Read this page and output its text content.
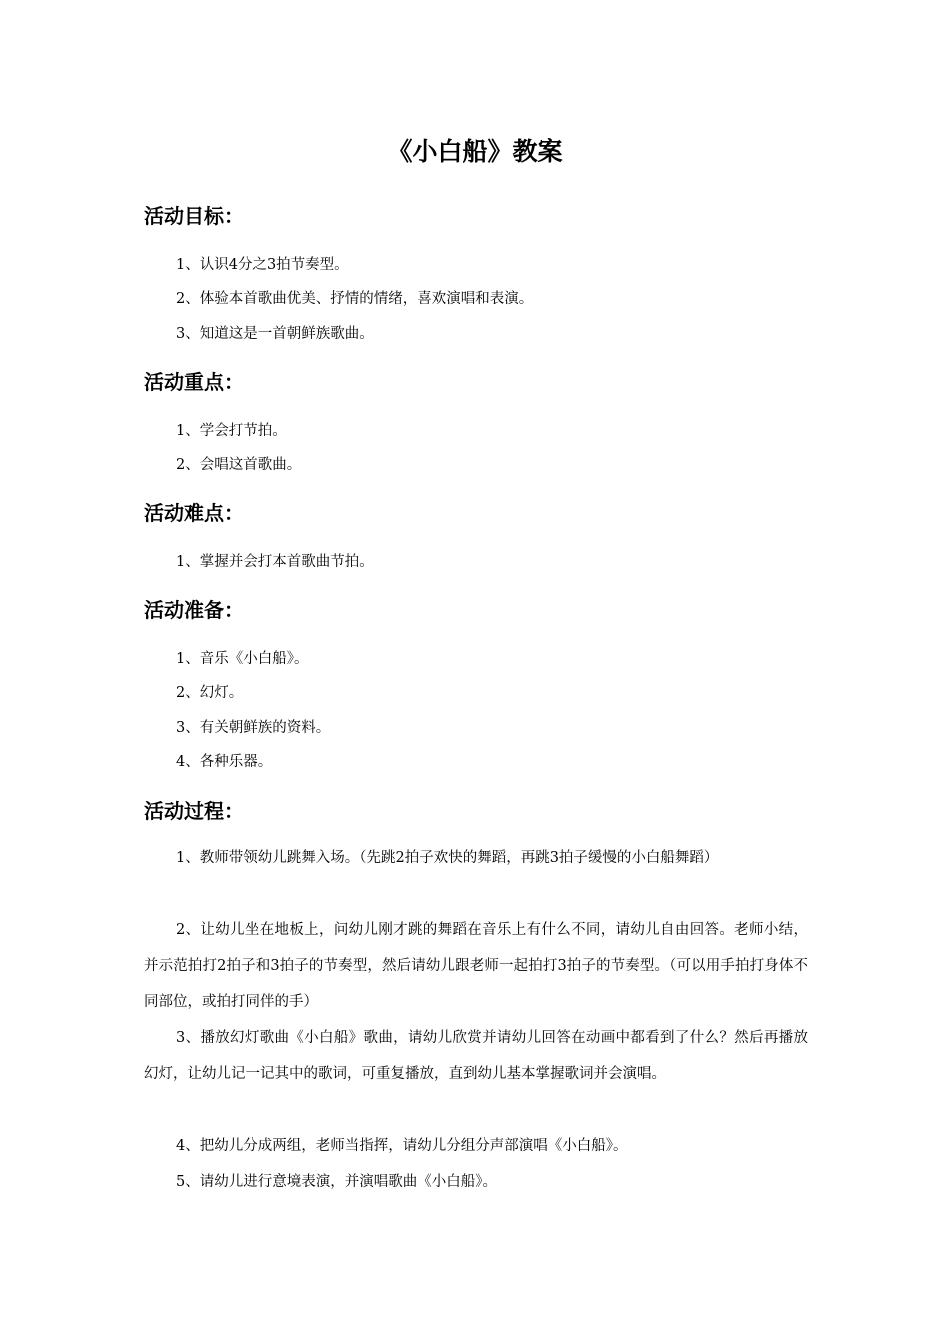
《小白船》教案
活动目标：
1、认识4分之3拍节奏型。
2、体验本首歌曲优美、抒情的情绪，喜欢演唱和表演。
3、知道这是一首朝鲜族歌曲。
活动重点：
1、学会打节拍。
2、会唱这首歌曲。
活动难点：
1、掌握并会打本首歌曲节拍。
活动准备：
1、音乐《小白船》。
2、幻灯。
3、有关朝鲜族的资料。
4、各种乐器。
活动过程：
1、教师带领幼儿跳舞入场。（先跳2拍子欢快的舞蹈，再跳3拍子缓慢的小白船舞蹈）
2、让幼儿坐在地板上，问幼儿刚才跳的舞蹈在音乐上有什么不同，请幼儿自由回答。老师小结，并示范拍打2拍子和3拍子的节奏型，然后请幼儿跟老师一起拍打3拍子的节奏型。（可以用手拍打身体不同部位，或拍打同伴的手）
3、播放幻灯歌曲《小白船》歌曲，请幼儿欣赏并请幼儿回答在动画中都看到了什么？然后再播放幻灯，让幼儿记一记其中的歌词，可重复播放，直到幼儿基本掌握歌词并会演唱。
4、把幼儿分成两组，老师当指挥，请幼儿分组分声部演唱《小白船》。
5、请幼儿进行意境表演，并演唱歌曲《小白船》。
